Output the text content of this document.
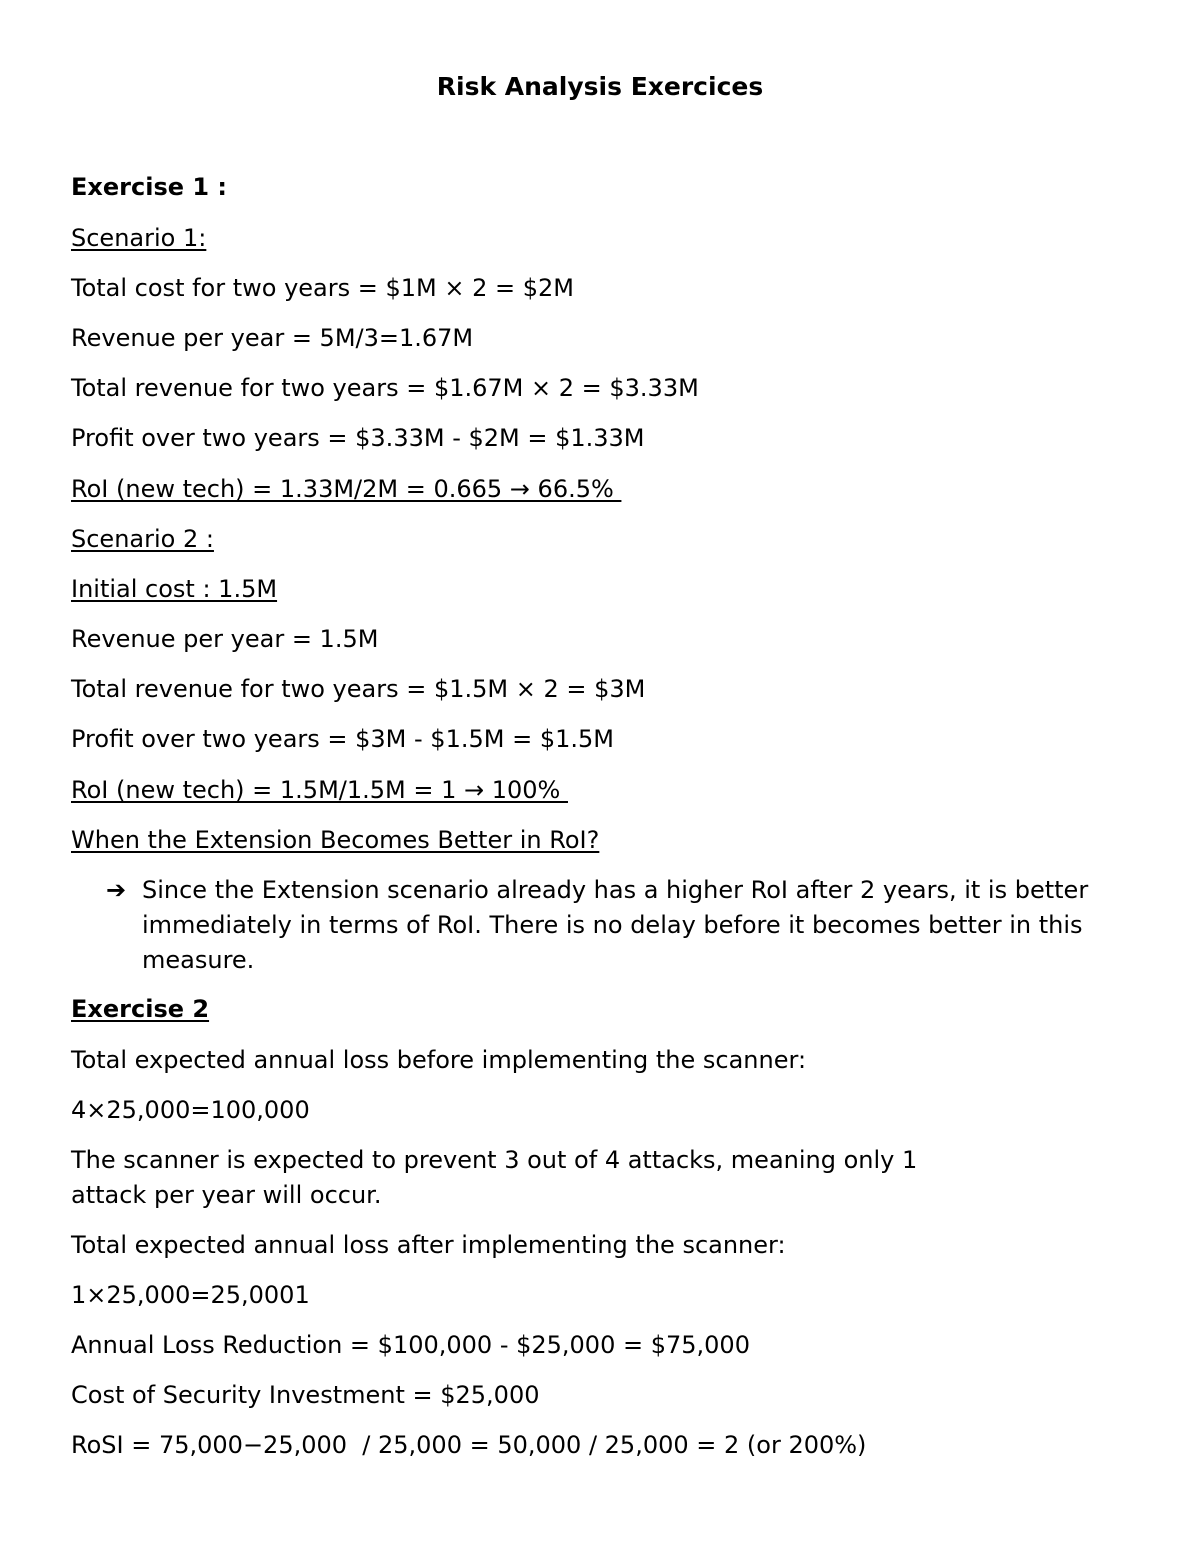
Risk Analysis Exercices
Exercise 1 :
Scenario 1:
Total cost for two years = $1M × 2 = $2M
Revenue per year = 5M/3=1.67M
Total revenue for two years = $1.67M × 2 = $3.33M
Profit over two years = $3.33M - $2M = $1.33M
RoI (new tech) = 1.33M/2M = 0.665 → 66.5%
Scenario 2 :
Initial cost : 1.5M
Revenue per year = 1.5M
Total revenue for two years = $1.5M × 2 = $3M
Profit over two years = $3M - $1.5M = $1.5M
RoI (new tech) = 1.5M/1.5M = 1 → 100%
When the Extension Becomes Better in RoI?
➔ Since the Extension scenario already has a higher RoI after 2 years, it is better immediately in terms of RoI. There is no delay before it becomes better in this measure.
Exercise 2
Total expected annual loss before implementing the scanner:
4×25,000=100,000
The scanner is expected to prevent 3 out of 4 attacks, meaning only 1
attack per year will occur.
Total expected annual loss after implementing the scanner:
1×25,000=25,0001
Annual Loss Reduction = $100,000 - $25,000 = $75,000
Cost of Security Investment = $25,000
RoSI = 75,000−25,000  / 25,000 = 50,000 / 25,000 = 2 (or 200%)
